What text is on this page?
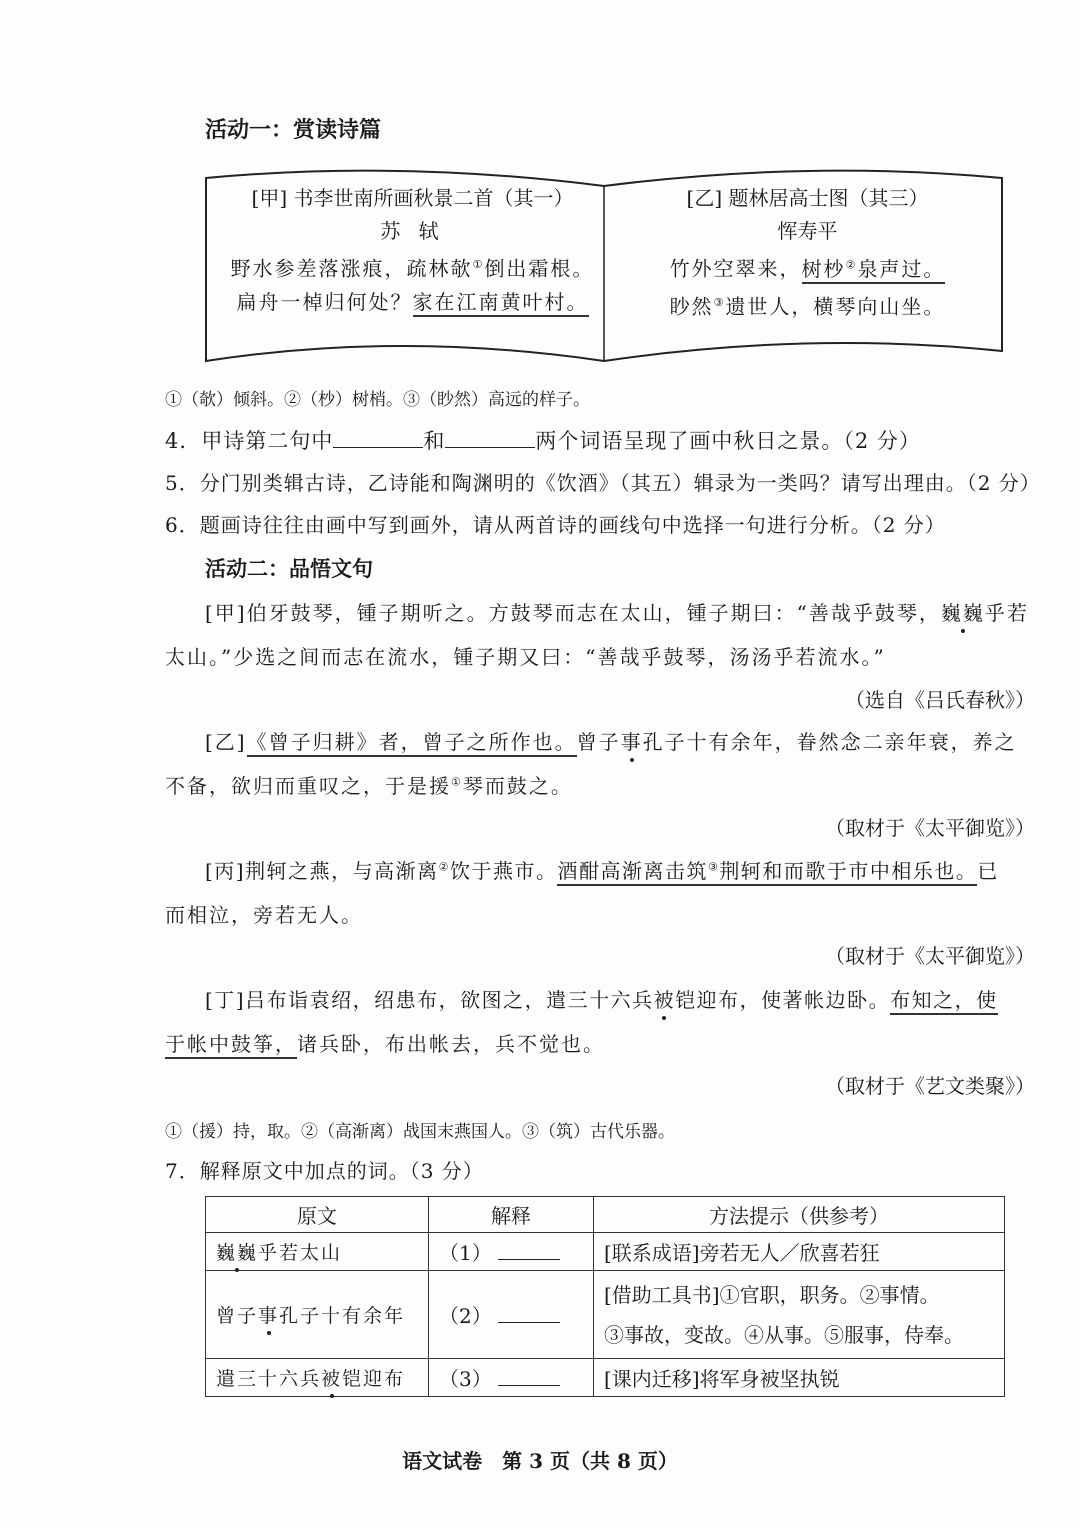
活动一：赏读诗篇
[甲] 书李世南所画秋景二首（其一）
苏 轼
野水参差落涨痕，疏林欹①倒出霜根。
扁舟一棹归何处？家在江南黄叶村。
[乙] 题林居高士图（其三）
恽寿平
竹外空翠来，树杪②泉声过。
眇然③遗世人，横琴向山坐。
①（欹）倾斜。②（杪）树梢。③（眇然）高远的样子。
4．甲诗第二句中	和	两个词语呈现了画中秋日之景。（2 分）
5．分门别类辑古诗，乙诗能和陶渊明的《饮酒》（其五）辑录为一类吗？请写出理由。（2 分）
6．题画诗往往由画中写到画外，请从两首诗的画线句中选择一句进行分析。（2 分）
活动二：品悟文句
[甲]伯牙鼓琴，锺子期听之。方鼓琴而志在太山，锺子期曰：“善哉乎鼓琴，巍巍乎若
太山。”少选之间而志在流水，锺子期又曰：“善哉乎鼓琴，汤汤乎若流水。”
（选自《吕氏春秋》）
[乙]《曾子归耕》者，曾子之所作也。曾子事孔子十有余年，眷然念二亲年衰，养之
不备，欲归而重叹之，于是援①琴而鼓之。
（取材于《太平御览》）
[丙]荆轲之燕，与高渐离②饮于燕市。酒酣高渐离击筑③荆轲和而歌于市中相乐也。已
而相泣，旁若无人。
（取材于《太平御览》）
[丁]吕布诣袁绍，绍患布，欲图之，遣三十六兵被铠迎布，使著帐边卧。布知之，使
于帐中鼓筝，诸兵卧，布出帐去，兵不觉也。
（取材于《艺文类聚》）
①（援）持，取。②（高渐离）战国末燕国人。③（筑）古代乐器。
7．解释原文中加点的词。（3 分）
原文	解释	方法提示（供参考）
巍巍乎若太山	（1）	[联系成语]旁若无人／欣喜若狂
曾子事孔子十有余年	（2）	[借助工具书]①官职，职务。②事情。
③事故，变故。④从事。⑤服事，侍奉。

遣三十六兵被铠迎布	（3）	[课内迁移]将军身被坚执锐
语文试卷　第 3 页（共 8 页）
